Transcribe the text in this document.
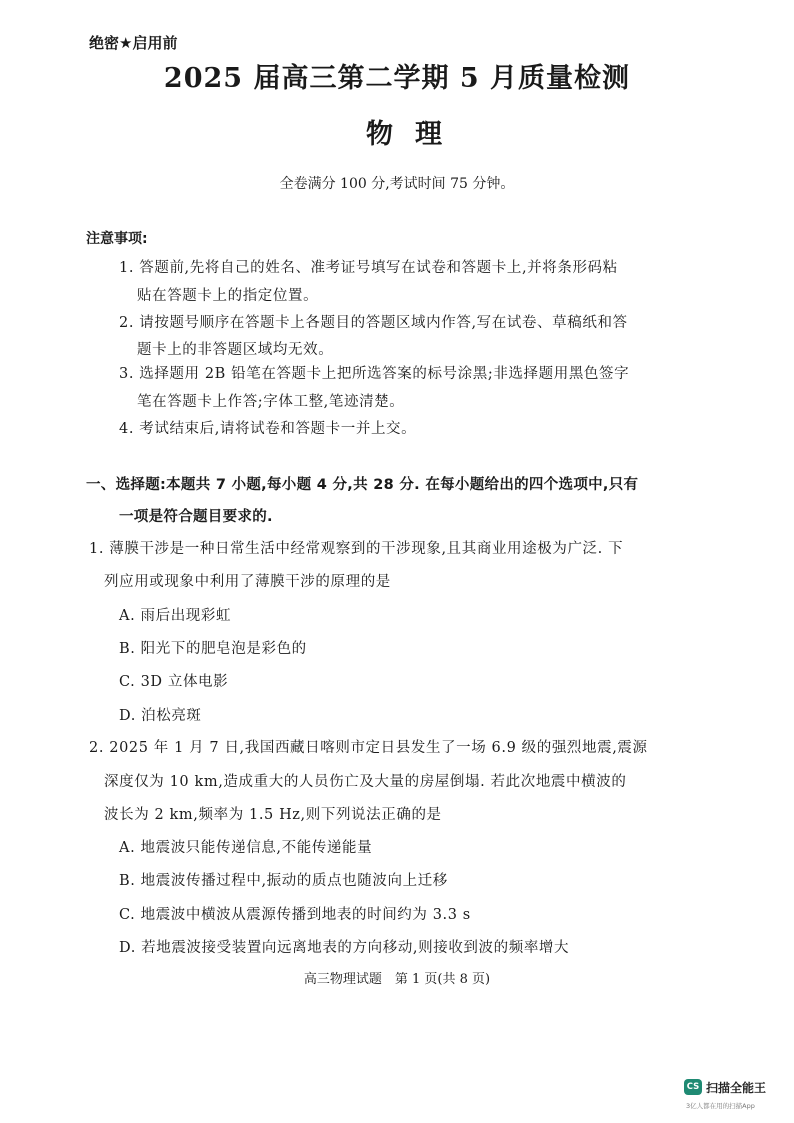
绝密★启用前
2025 届高三第二学期 5 月质量检测
物理
全卷满分 100 分,考试时间 75 分钟。
注意事项:
1. 答题前,先将自己的姓名、准考证号填写在试卷和答题卡上,并将条形码粘
贴在答题卡上的指定位置。
2. 请按题号顺序在答题卡上各题目的答题区域内作答,写在试卷、草稿纸和答
题卡上的非答题区域均无效。
3. 选择题用 2B 铅笔在答题卡上把所选答案的标号涂黑;非选择题用黑色签字
笔在答题卡上作答;字体工整,笔迹清楚。
4. 考试结束后,请将试卷和答题卡一并上交。
一、选择题:本题共 7 小题,每小题 4 分,共 28 分. 在每小题给出的四个选项中,只有
一项是符合题目要求的.
1. 薄膜干涉是一种日常生活中经常观察到的干涉现象,且其商业用途极为广泛. 下
列应用或现象中利用了薄膜干涉的原理的是
A. 雨后出现彩虹
B. 阳光下的肥皂泡是彩色的
C. 3D 立体电影
D. 泊松亮斑
2. 2025 年 1 月 7 日,我国西藏日喀则市定日县发生了一场 6.9 级的强烈地震,震源
深度仅为 10 km,造成重大的人员伤亡及大量的房屋倒塌. 若此次地震中横波的
波长为 2 km,频率为 1.5 Hz,则下列说法正确的是
A. 地震波只能传递信息,不能传递能量
B. 地震波传播过程中,振动的质点也随波向上迁移
C. 地震波中横波从震源传播到地表的时间约为 3.3 s
D. 若地震波接受装置向远离地表的方向移动,则接收到波的频率增大
高三物理试题　第 1 页(共 8 页)
CS 扫描全能王
3亿人都在用的扫描App
